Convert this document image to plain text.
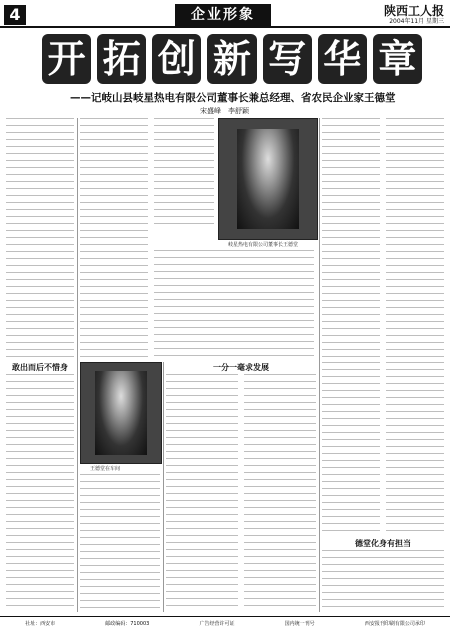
4	企业形象	陕西工人报
2004年11月 星期三
开 拓 创 新 写 华 章
——记岐山县岐星热电有限公司董事长兼总经理、省农民企业家王德堂
宋盛峰　李舒颖
岐星热电有限公司董事长王德堂
敢出而后不惜身
王德堂在车间
一分一毫求发展
德堂化身有担当
社址：西安市	邮政编码：710003	广告经营许可证	国内统一刊号	西安报刊印刷有限公司承印
